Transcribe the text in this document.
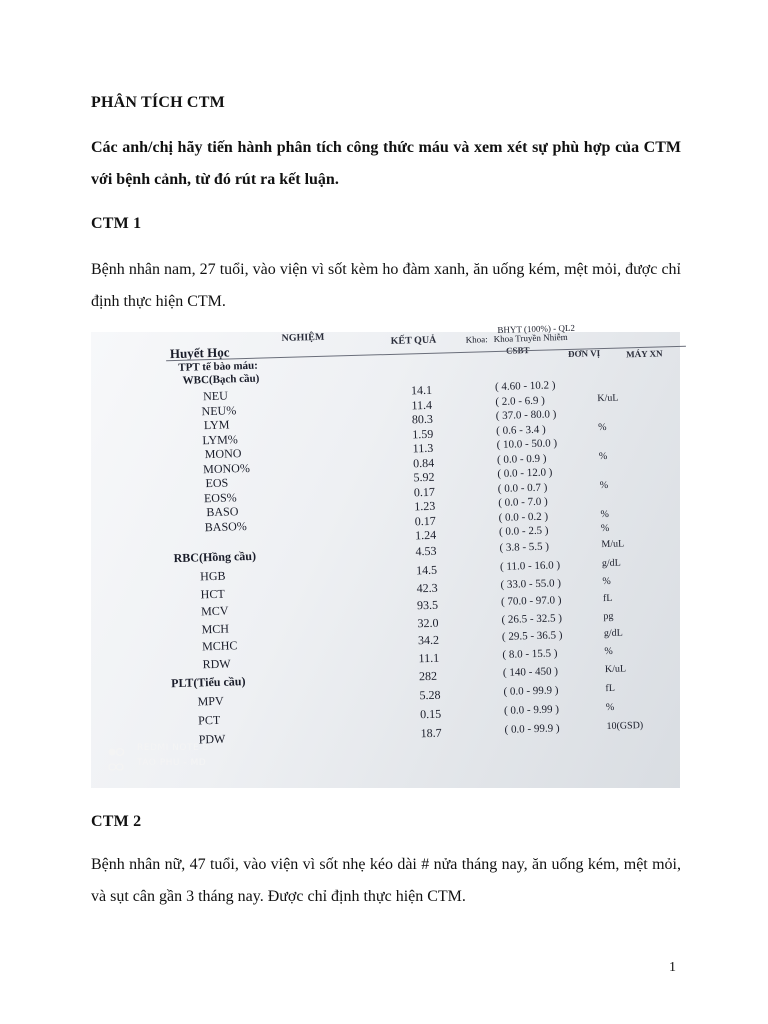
PHÂN TÍCH CTM
Các anh/chị hãy tiến hành phân tích công thức máu và xem xét sự phù hợp của CTM với bệnh cảnh, từ đó rút ra kết luận.
CTM 1
Bệnh nhân nam, 27 tuổi, vào viện vì sốt kèm ho đàm xanh, ăn uống kém, mệt mỏi, được chỉ định thực hiện CTM.
NGHIỆM	KẾT QUẢ
BHYT (100%) - QL2
Khoa: Khoa Truyền Nhiễm
ĐƠN VỊ	MÁY XN
Huyết Học
TPT tế bào máu:
WBC(Bạch cầu)
NEU	14.1	( 4.60 - 10.2 )
NEU%	11.4	( 2.0 - 6.9 )	K/uL
LYM	80.3	( 37.0 - 80.0 )
LYM%	1.59	( 0.6 - 3.4 )	%
MONO	11.3	( 10.0 - 50.0 )
MONO%	0.84	( 0.0 - 0.9 )	%
EOS	5.92	( 0.0 - 12.0 )
EOS%	0.17	( 0.0 - 0.7 )	%
BASO	1.23	( 0.0 - 7.0 )
BASO%	0.17	( 0.0 - 0.2 )	%
1.24	( 0.0 - 2.5 )	%
RBC(Hồng cầu)	4.53	( 3.8 - 5.5 )	M/uL
HGB	14.5	( 11.0 - 16.0 )	g/dL
HCT	42.3	( 33.0 - 55.0 )	%
MCV	93.5	( 70.0 - 97.0 )	fL
MCH	32.0	( 26.5 - 32.5 )	pg
MCHC	34.2	( 29.5 - 36.5 )	g/dL
RDW	11.1	( 8.0 - 15.5 )	%
PLT(Tiểu cầu)	282	( 140 - 450 )	K/uL
MPV	5.28	( 0.0 - 99.9 )	fL
PCT	0.15	( 0.0 - 9.99 )	%
PDW	18.7	( 0.0 - 99.9 )	10(GSD)
REDMI NOTE 8
TAO PHU - MD
CTM 2
Bệnh nhân nữ, 47 tuổi, vào viện vì sốt nhẹ kéo dài # nửa tháng nay, ăn uống kém, mệt mỏi, và sụt cân gần 3 tháng nay. Được chỉ định thực hiện CTM.
1
